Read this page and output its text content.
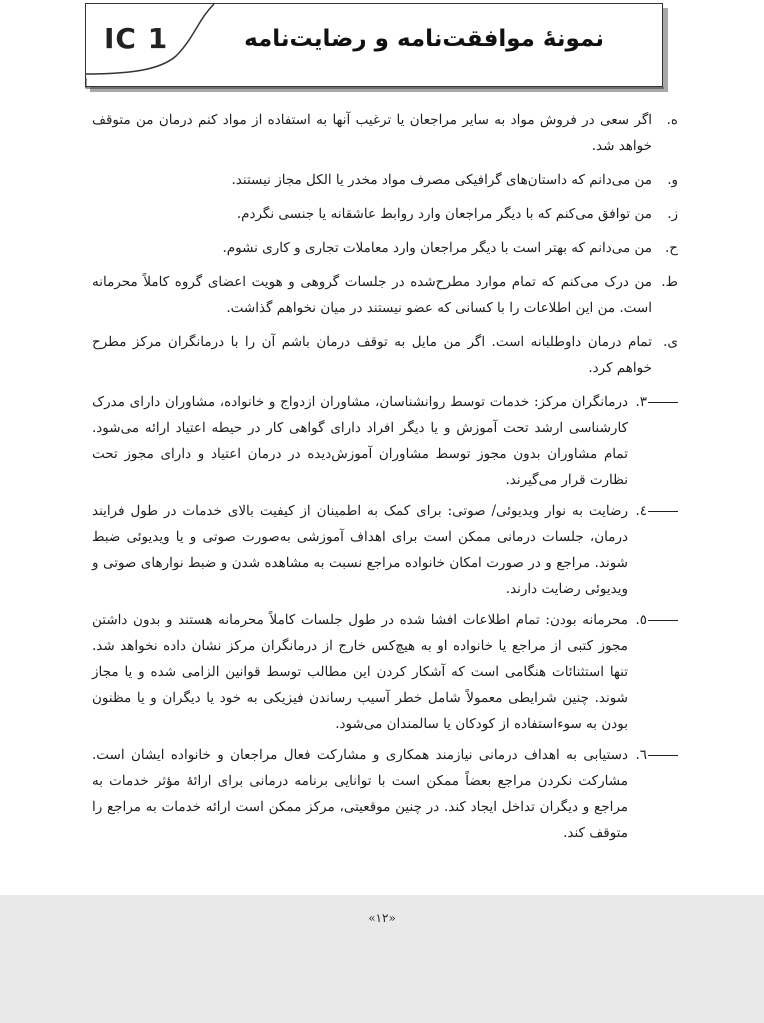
IC 1	نمونهٔ موافقت‌نامه و رضایت‌نامه
ه.
اگر سعی در فروش مواد به سایر مراجعان یا ترغیب آنها به استفاده از مواد کنم درمان من متوقف خواهد شد.
و.
من می‌دانم که داستان‌های گرافیکی مصرف مواد مخدر یا الکل مجاز نیستند.
ز.
من توافق می‌کنم که با دیگر مراجعان وارد روابط عاشقانه یا جنسی نگردم.
ح.
من می‌دانم که بهتر است با دیگر مراجعان وارد معاملات تجاری و کاری نشوم.
ط.
من درک می‌کنم که تمام موارد مطرح‌شده در جلسات گروهی و هویت اعضای گروه کاملاً محرمانه است. من این اطلاعات را با کسانی که عضو نیستند در میان نخواهم گذاشت.
ی.
تمام درمان داوطلبانه است. اگر من مایل به توقف درمان باشم آن را با درمانگران مرکز مطرح خواهم کرد.
۳.
درمانگران مرکز: خدمات توسط روانشناسان، مشاوران ازدواج و خانواده، مشاوران دارای مدرک کارشناسی ارشد تحت آموزش و یا دیگر افراد دارای گواهی کار در حیطه اعتیاد ارائه می‌شود. تمام مشاوران بدون مجوز توسط مشاوران آموزش‌دیده در درمان اعتیاد و دارای مجوز تحت نظارت قرار می‌گیرند.
٤.
رضایت به نوار ویدیوئی/ صوتی: برای کمک به اطمینان از کیفیت بالای خدمات در طول فرایند درمان، جلسات درمانی ممکن است برای اهداف آموزشی به‌صورت صوتی و یا ویدیوئی ضبط شوند. مراجع و در صورت امکان خانواده مراجع نسبت به مشاهده شدن و ضبط نوارهای صوتی و ویدیوئی رضایت دارند.
٥.
محرمانه بودن: تمام اطلاعات افشا شده در طول جلسات کاملاً محرمانه هستند و بدون داشتن مجوز کتبی از مراجع یا خانواده او به هیچ‌کس خارج از درمانگران مرکز نشان داده نخواهد شد. تنها استثنائات هنگامی است که آشکار کردن این مطالب توسط قوانین الزامی شده و یا مجاز شوند. چنین شرایطی معمولاً شامل خطر آسیب رساندن فیزیکی به خود یا دیگران و یا مظنون بودن به سوءاستفاده از کودکان یا سالمندان می‌شود.
٦.
دستیابی به اهداف درمانی نیازمند همکاری و مشارکت فعال مراجعان و خانواده ایشان است. مشارکت نکردن مراجع بعضاً ممکن است با توانایی برنامه درمانی برای ارائهٔ مؤثر خدمات به مراجع و دیگران تداخل ایجاد کند. در چنین موقعیتی، مرکز ممکن است ارائه خدمات به مراجع را متوقف کند.
«۱۲»
